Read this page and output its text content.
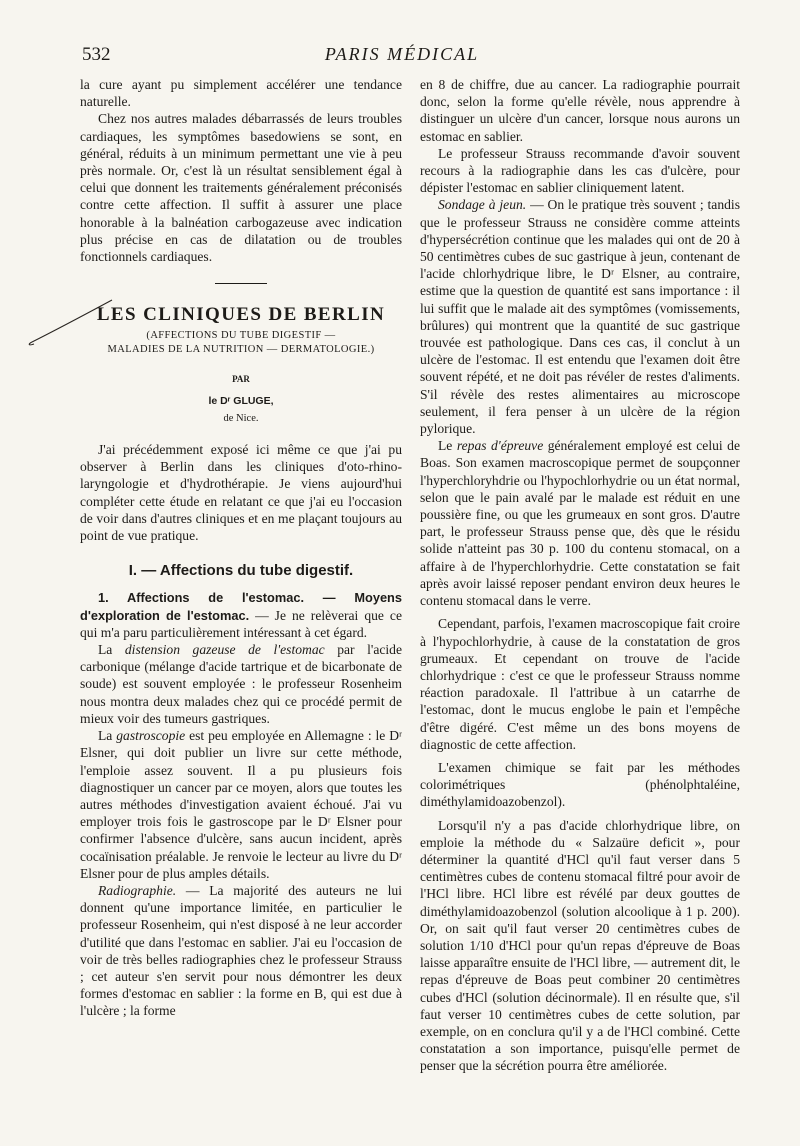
532	PARIS MÉDICAL

la cure ayant pu simplement accélérer une tendance naturelle.

Chez nos autres malades débarrassés de leurs troubles cardiaques, les symptômes basedowiens se sont, en général, réduits à un minimum permettant une vie à peu près normale. Or, c'est là un résultat sensiblement égal à celui que donnent les traitements généralement préconisés contre cette affection. Il suffit à assurer une place honorable à la balnéation carbogazeuse avec indication plus précise en cas de dilatation ou de troubles fonctionnels cardiaques.

LES CLINIQUES DE BERLIN
(AFFECTIONS DU TUBE DIGESTIF —
MALADIES DE LA NUTRITION — DERMATOLOGIE.)
PAR
le Dʳ GLUGE,
de Nice.

J'ai précédemment exposé ici même ce que j'ai pu observer à Berlin dans les cliniques d'oto-rhino-laryngologie et d'hydrothérapie. Je viens aujourd'hui compléter cette étude en relatant ce que j'ai eu l'occasion de voir dans d'autres cliniques et en me plaçant toujours au point de vue pratique.

I. — Affections du tube digestif.

1. Affections de l'estomac. — Moyens d'exploration de l'estomac. — Je ne relèverai que ce qui m'a paru particulièrement intéressant à cet égard.

La distension gazeuse de l'estomac par l'acide carbonique (mélange d'acide tartrique et de bicarbonate de soude) est souvent employée : le professeur Rosenheim nous montra deux malades chez qui ce procédé permit de mieux voir des tumeurs gastriques.

La gastroscopie est peu employée en Allemagne : le Dʳ Elsner, qui doit publier un livre sur cette méthode, l'emploie assez souvent. Il a pu plusieurs fois diagnostiquer un cancer par ce moyen, alors que toutes les autres méthodes d'investigation avaient échoué. J'ai vu employer trois fois le gastroscope par le Dʳ Elsner pour confirmer l'absence d'ulcère, sans aucun incident, après cocaïnisation préalable. Je renvoie le lecteur au livre du Dʳ Elsner pour de plus amples détails.

Radiographie. — La majorité des auteurs ne lui donnent qu'une importance limitée, en particulier le professeur Rosenheim, qui n'est disposé à ne leur accorder d'utilité que dans l'estomac en sablier. J'ai eu l'occasion de voir de très belles radiographies chez le professeur Strauss ; cet auteur s'en servit pour nous démontrer les deux formes d'estomac en sablier : la forme en B, qui est due à l'ulcère ; la forme

en 8 de chiffre, due au cancer. La radiographie pourrait donc, selon la forme qu'elle révèle, nous apprendre à distinguer un ulcère d'un cancer, lorsque nous aurons un estomac en sablier.

Le professeur Strauss recommande d'avoir souvent recours à la radiographie dans les cas d'ulcère, pour dépister l'estomac en sablier cliniquement latent.

Sondage à jeun. — On le pratique très souvent ; tandis que le professeur Strauss ne considère comme atteints d'hypersécrétion continue que les malades qui ont de 20 à 50 centimètres cubes de suc gastrique à jeun, contenant de l'acide chlorhydrique libre, le Dʳ Elsner, au contraire, estime que la question de quantité est sans importance : il lui suffit que le malade ait des symptômes (vomissements, brûlures) qui montrent que la quantité de suc gastrique trouvée est pathologique. Dans ces cas, il conclut à un ulcère de l'estomac. Il est entendu que l'examen doit être souvent répété, et ne doit pas révéler de restes d'aliments. S'il révèle des restes alimentaires au microscope seulement, il fera penser à un ulcère de la région pylorique.

Le repas d'épreuve généralement employé est celui de Boas. Son examen macroscopique permet de soupçonner l'hyperchloryhdrie ou l'hypochlorhydrie ou un état normal, selon que le pain avalé par le malade est réduit en une poussière fine, ou que les grumeaux en sont gros. D'autre part, le professeur Strauss pense que, dès que le résidu solide n'atteint pas 30 p. 100 du contenu stomacal, on a affaire à de l'hyperchlorhydrie. Cette constatation se fait après avoir laissé reposer pendant environ deux heures le contenu stomacal dans le verre.

Cependant, parfois, l'examen macroscopique fait croire à l'hypochlorhydrie, à cause de la constatation de gros grumeaux. Et cependant on trouve de l'acide chlorhydrique : c'est ce que le professeur Strauss nomme réaction paradoxale. Il l'attribue à un catarrhe de l'estomac, dont le mucus englobe le pain et l'empêche d'être digéré. C'est même un des bons moyens de diagnostic de cette affection.

L'examen chimique se fait par les méthodes colorimétriques (phénolphtaléine, diméthylamidoazobenzol).

Lorsqu'il n'y a pas d'acide chlorhydrique libre, on emploie la méthode du « Salzaüre deficit », pour déterminer la quantité d'HCl qu'il faut verser dans 5 centimètres cubes de contenu stomacal filtré pour avoir de l'HCl libre. HCl libre est révélé par deux gouttes de diméthylamidoazobenzol (solution alcoolique à 1 p. 200). Or, on sait qu'il faut verser 20 centimètres cubes de solution 1/10 d'HCl pour qu'un repas d'épreuve de Boas laisse apparaître ensuite de l'HCl libre, — autrement dit, le repas d'épreuve de Boas peut combiner 20 centimètres cubes d'HCl (solution décinormale). Il en résulte que, s'il faut verser 10 centimètres cubes de cette solution, par exemple, on en conclura qu'il y a de l'HCl combiné. Cette constatation a son importance, puisqu'elle permet de penser que la sécrétion pourra être améliorée.
